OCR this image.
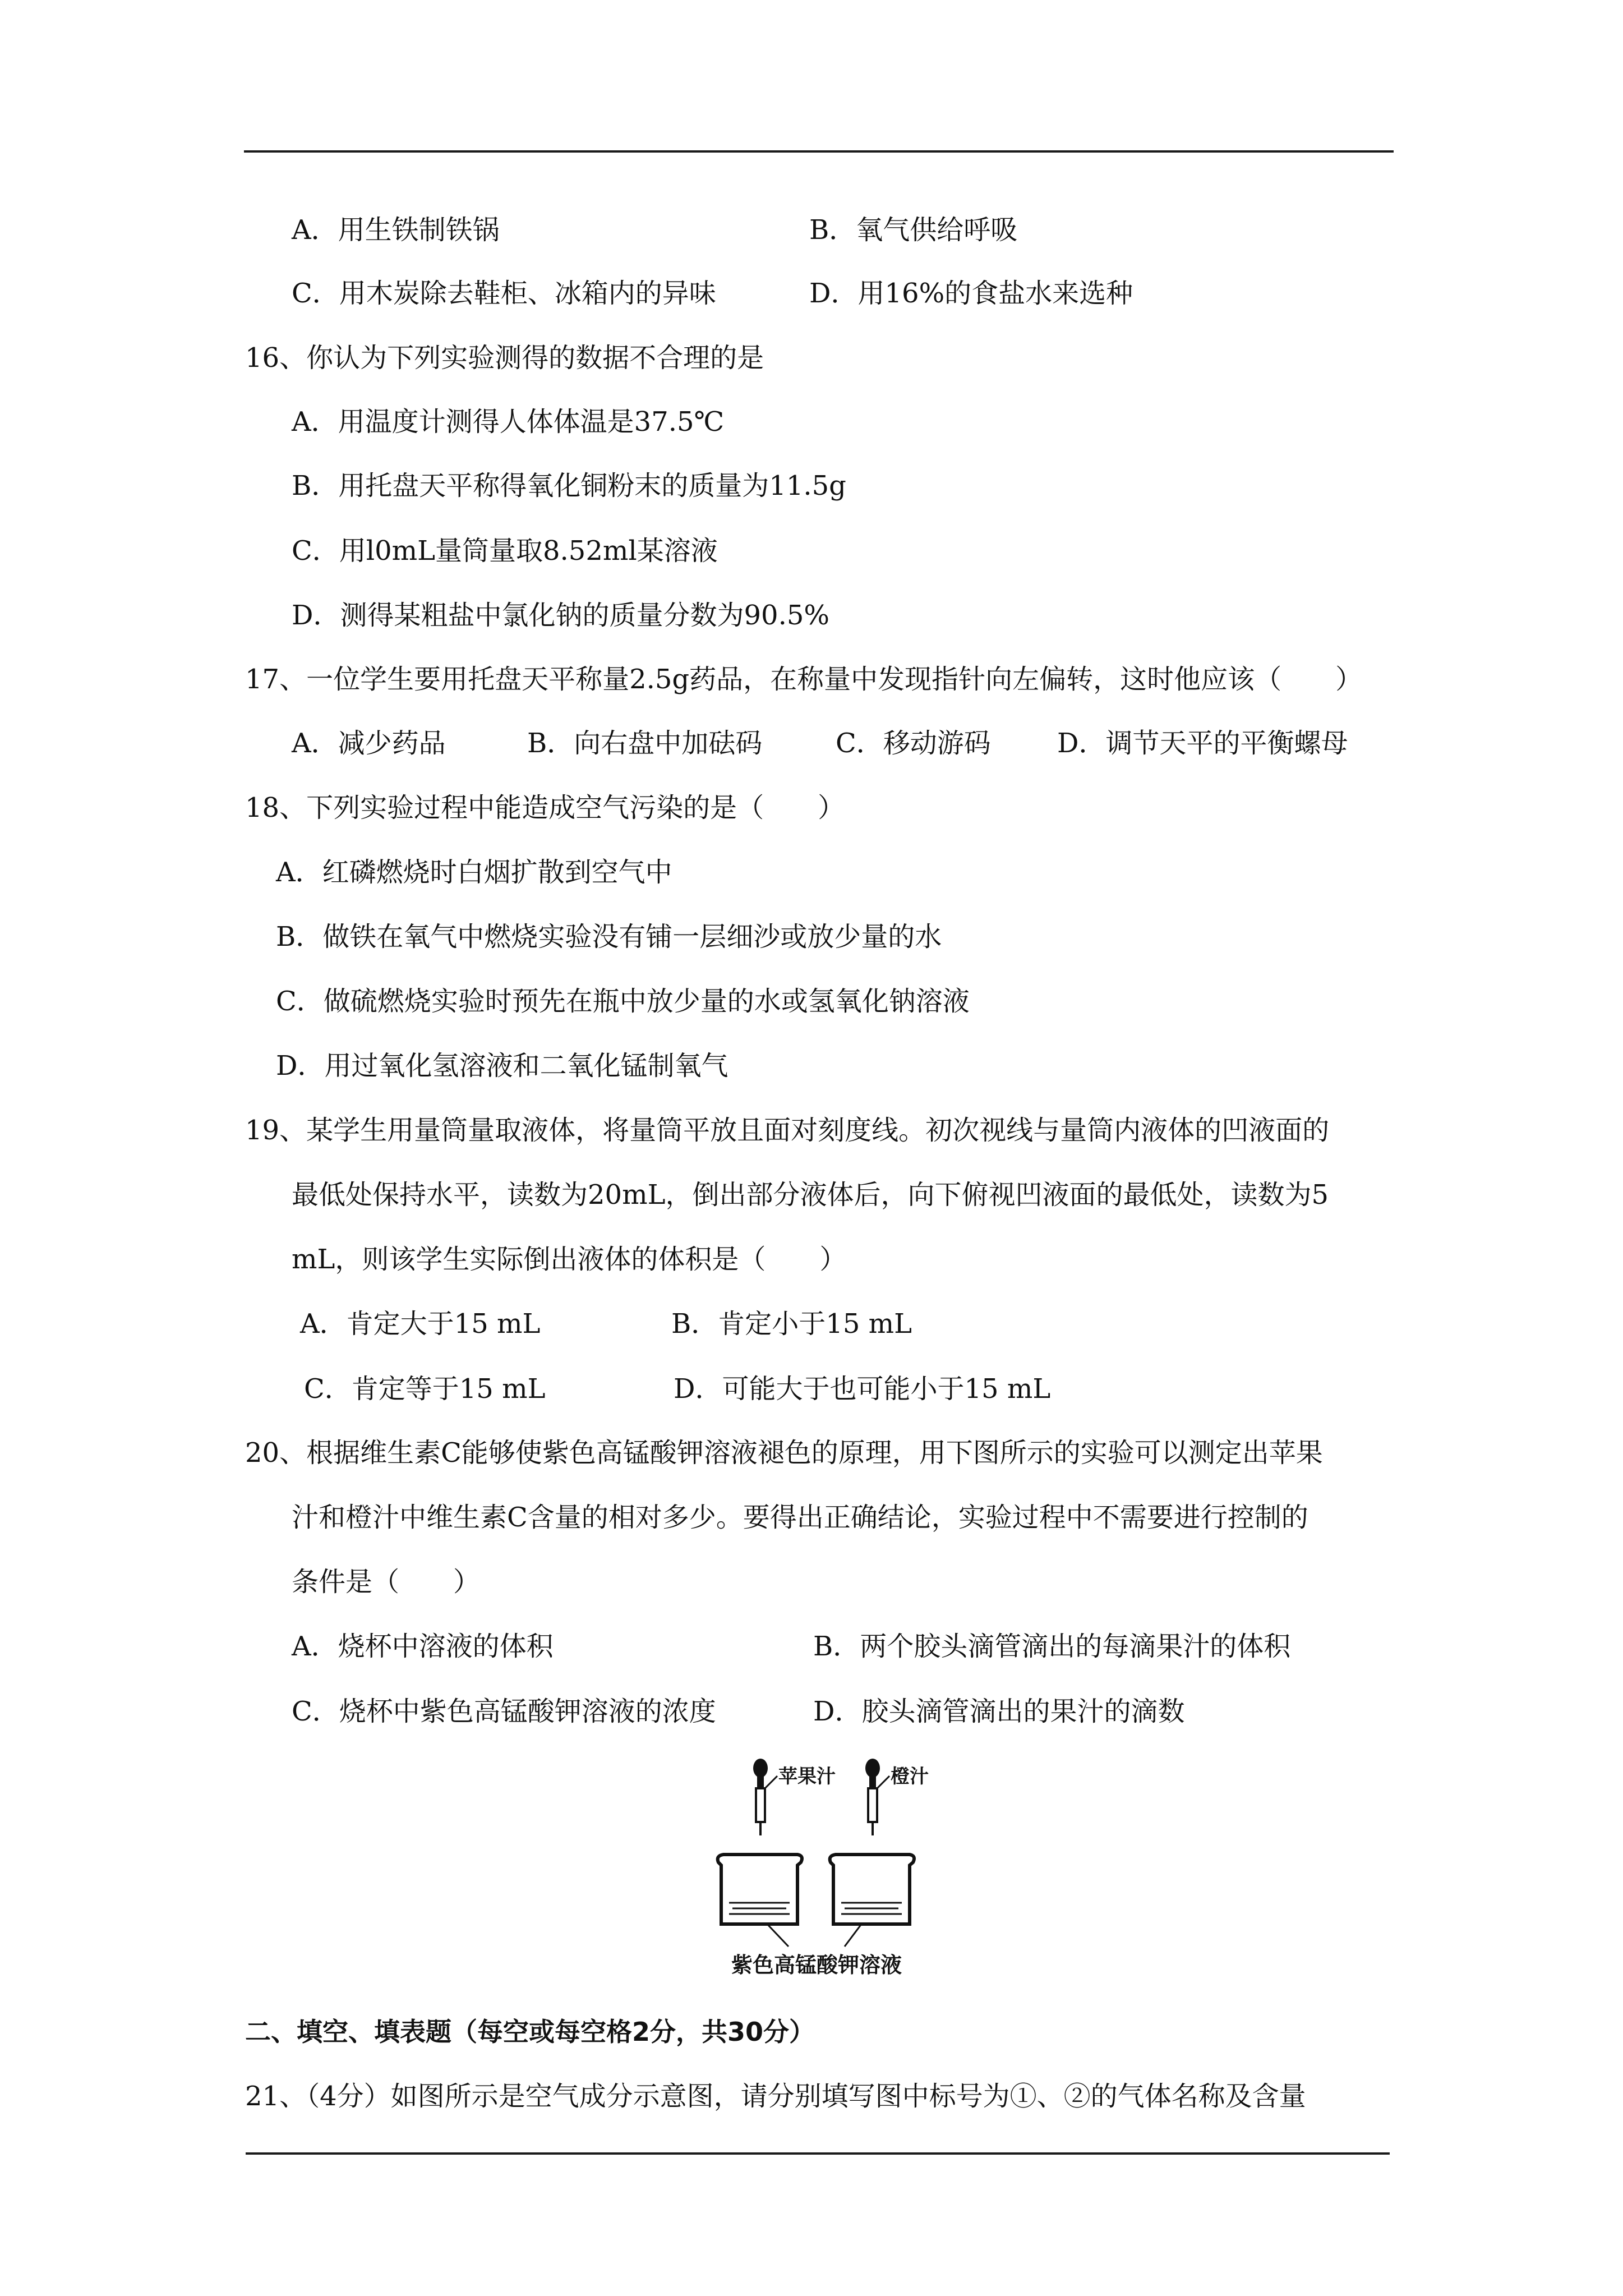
A．用生铁制铁锅	B．氧气供给呼吸
C．用木炭除去鞋柜、冰箱内的异味	D．用16%的食盐水来选种
16、你认为下列实验测得的数据不合理的是
A．用温度计测得人体体温是37.5℃
B．用托盘天平称得氧化铜粉末的质量为11.5g
C．用l0mL量筒量取8.52ml某溶液
D．测得某粗盐中氯化钠的质量分数为90.5%
17、一位学生要用托盘天平称量2.5g药品，在称量中发现指针向左偏转，这时他应该（　　）
A．减少药品	B．向右盘中加砝码	C．移动游码 D．调节天平的平衡螺母
18、下列实验过程中能造成空气污染的是（　　）
A．红磷燃烧时白烟扩散到空气中
B．做铁在氧气中燃烧实验没有铺一层细沙或放少量的水
C．做硫燃烧实验时预先在瓶中放少量的水或氢氧化钠溶液
D．用过氧化氢溶液和二氧化锰制氧气
19、某学生用量筒量取液体，将量筒平放且面对刻度线。初次视线与量筒内液体的凹液面的
最低处保持水平，读数为20mL，倒出部分液体后，向下俯视凹液面的最低处，读数为5
mL，则该学生实际倒出液体的体积是（　　）
A．肯定大于15 mL	B．肯定小于15 mL
C．肯定等于15 mL	D．可能大于也可能小于15 mL
20、根据维生素C能够使紫色高锰酸钾溶液褪色的原理，用下图所示的实验可以测定出苹果
汁和橙汁中维生素C含量的相对多少。要得出正确结论，实验过程中不需要进行控制的
条件是（　　）
A．烧杯中溶液的体积	B．两个胶头滴管滴出的每滴果汁的体积
C．烧杯中紫色高锰酸钾溶液的浓度	D．胶头滴管滴出的果汁的滴数
苹果汁	橙汁
紫色高锰酸钾溶液
二、填空、填表题（每空或每空格2分，共30分）
21、（4分）如图所示是空气成分示意图，请分别填写图中标号为①、②的气体名称及含量
